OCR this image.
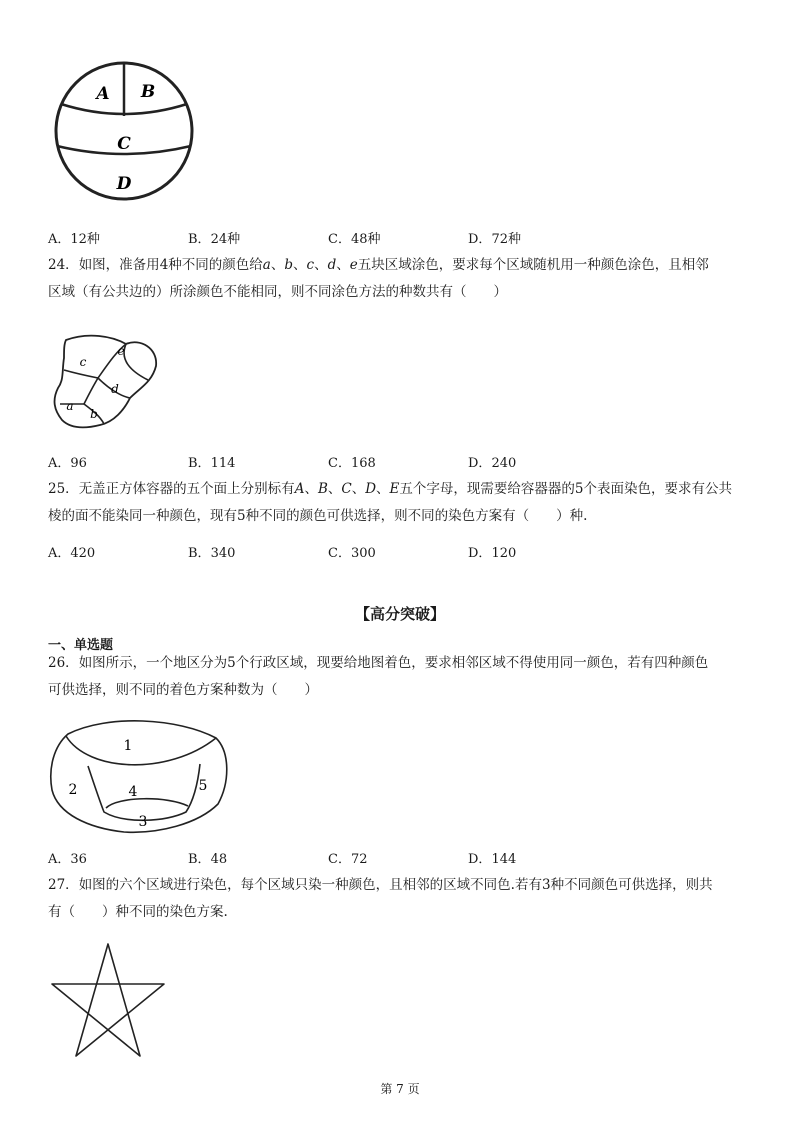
A B
C
D
A．12种	B．24种	C．48种	D．72种
24．如图，准备用4种不同的颜色给a、b、c、d、e五块区域涂色，要求每个区域随机用一种颜色涂色，且相邻
区域（有公共边的）所涂颜色不能相同，则不同涂色方法的种数共有（　　）
a
b
c
d
e
A．96	B．114	C．168	D．240
25．无盖正方体容器的五个面上分别标有A、B、C、D、E五个字母，现需要给容器器的5个表面染色，要求有公共
棱的面不能染同一种颜色，现有5种不同的颜色可供选择，则不同的染色方案有（　　）种.
A．420	B．340	C．300	D．120
【高分突破】
一、单选题
26．如图所示，一个地区分为5个行政区域，现要给地图着色，要求相邻区域不得使用同一颜色，若有四种颜色
可供选择，则不同的着色方案种数为（　　）
1
2
3
4	5
A．36	B．48	C．72	D．144
27．如图的六个区域进行染色，每个区域只染一种颜色，且相邻的区域不同色.若有3种不同颜色可供选择，则共
有（　　）种不同的染色方案.
第 7 页
